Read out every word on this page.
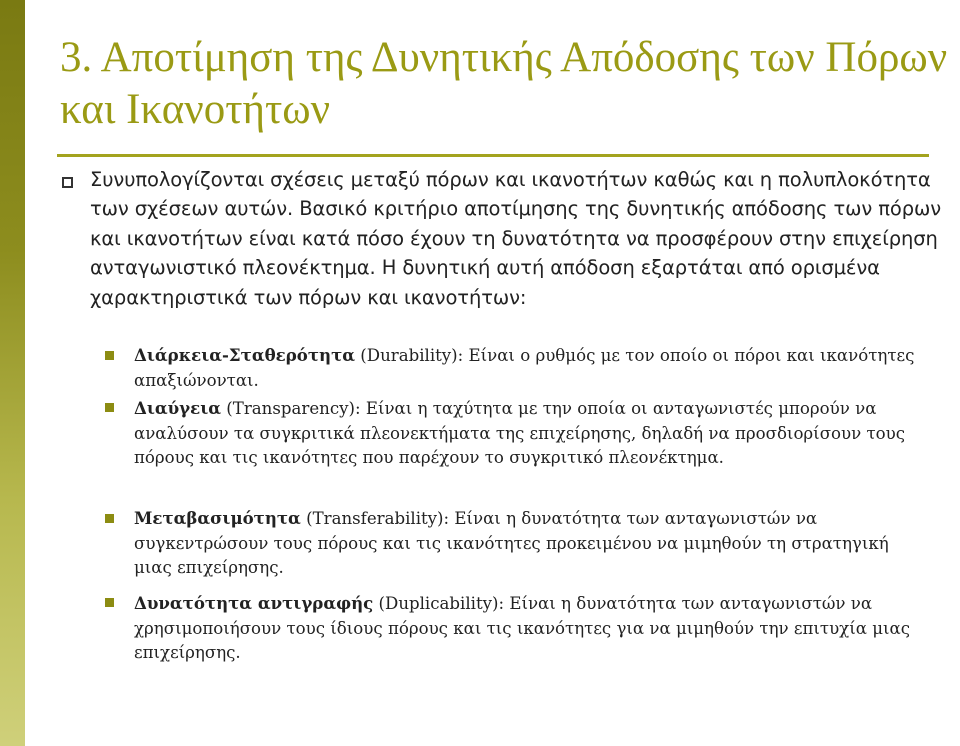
3. Αποτίμηση της Δυνητικής Απόδοσης των Πόρων και Ικανοτήτων
Συνυπολογίζονται σχέσεις μεταξύ πόρων και ικανοτήτων καθώς και η πολυπλοκότητα των σχέσεων αυτών. Βασικό κριτήριο αποτίμησης της δυνητικής απόδοσης των πόρων και ικανοτήτων είναι κατά πόσο έχουν τη δυνατότητα να προσφέρουν στην επιχείρηση ανταγωνιστικό πλεονέκτημα. Η δυνητική αυτή απόδοση εξαρτάται από ορισμένα χαρακτηριστικά των πόρων και ικανοτήτων:
Διάρκεια-Σταθερότητα (Durability): Είναι ο ρυθμός με τον οποίο οι πόροι και ικανότητες απαξιώνονται.
Διαύγεια (Transparency): Είναι η ταχύτητα με την οποία οι ανταγωνιστές μπορούν να αναλύσουν τα συγκριτικά πλεονεκτήματα της επιχείρησης, δηλαδή να προσδιορίσουν τους πόρους και τις ικανότητες που παρέχουν το συγκριτικό πλεονέκτημα.
Μεταβασιμότητα (Transferability): Είναι η δυνατότητα των ανταγωνιστών να συγκεντρώσουν τους πόρους και τις ικανότητες προκειμένου να μιμηθούν τη στρατηγική μιας επιχείρησης.
Δυνατότητα αντιγραφής (Duplicability): Είναι η δυνατότητα των ανταγωνιστών να χρησιμοποιήσουν τους ίδιους πόρους και τις ικανότητες για να μιμηθούν την επιτυχία μιας επιχείρησης.
